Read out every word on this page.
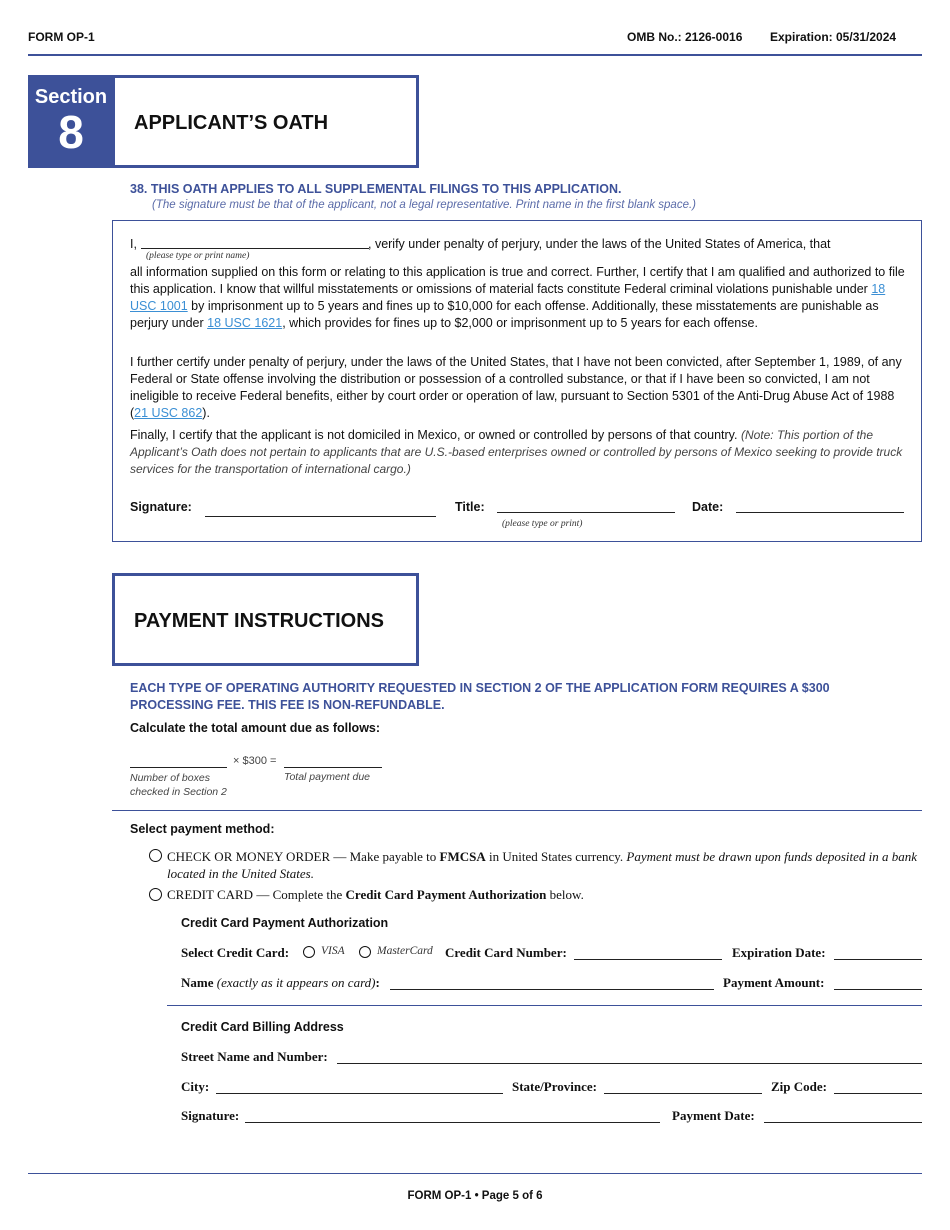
FORM OP-1	OMB No.: 2126-0016 Expiration: 05/31/2024
Section
8	APPLICANT’S OATH
38. THIS OATH APPLIES TO ALL SUPPLEMENTAL FILINGS TO THIS APPLICATION.
(The signature must be that of the applicant, not a legal representative. Print name in the first blank space.)
I,
(please type or print name)
, verify under penalty of perjury, under the laws of the United States of America, that
all information supplied on this form or relating to this application is true and correct. Further, I certify that I am qualified and authorized to file this application. I know that willful misstatements or omissions of material facts constitute Federal criminal violations punishable under 18 USC 1001 by imprisonment up to 5 years and fines up to $10,000 for each offense. Additionally, these misstatements are punishable as perjury under 18 USC 1621, which provides for fines up to $2,000 or imprisonment up to 5 years for each offense.
I further certify under penalty of perjury, under the laws of the United States, that I have not been convicted, after September 1, 1989, of any Federal or State offense involving the distribution or possession of a controlled substance, or that if I have been so convicted, I am not ineligible to receive Federal benefits, either by court order or operation of law, pursuant to Section 5301 of the Anti-Drug Abuse Act of 1988 (21 USC 862).
Finally, I certify that the applicant is not domiciled in Mexico, or owned or controlled by persons of that country. (Note: This portion of the Applicant’s Oath does not pertain to applicants that are U.S.-based enterprises owned or controlled by persons of Mexico seeking to provide truck services for the transportation of international cargo.)
Signature:	Title:
(please type or print)
Date:
PAYMENT INSTRUCTIONS
EACH TYPE OF OPERATING AUTHORITY REQUESTED IN SECTION 2 OF THE APPLICATION FORM REQUIRES A $300 PROCESSING FEE. THIS FEE IS NON-REFUNDABLE.
Calculate the total amount due as follows:
× $300 =
Number of boxes checked in Section 2
Total payment due
Select payment method:
CHECK OR MONEY ORDER — Make payable to FMCSA in United States currency. Payment must be drawn upon funds deposited in a bank located in the United States.
CREDIT CARD — Complete the Credit Card Payment Authorization below.
Credit Card Payment Authorization
Select Credit Card:	VISA	MasterCard Credit Card Number:	Expiration Date:
Name (exactly as it appears on card):	Payment Amount:
Credit Card Billing Address
Street Name and Number:
City:	State/Province:	Zip Code:
Signature:	Payment Date:
FORM OP-1 • Page 5 of 6
